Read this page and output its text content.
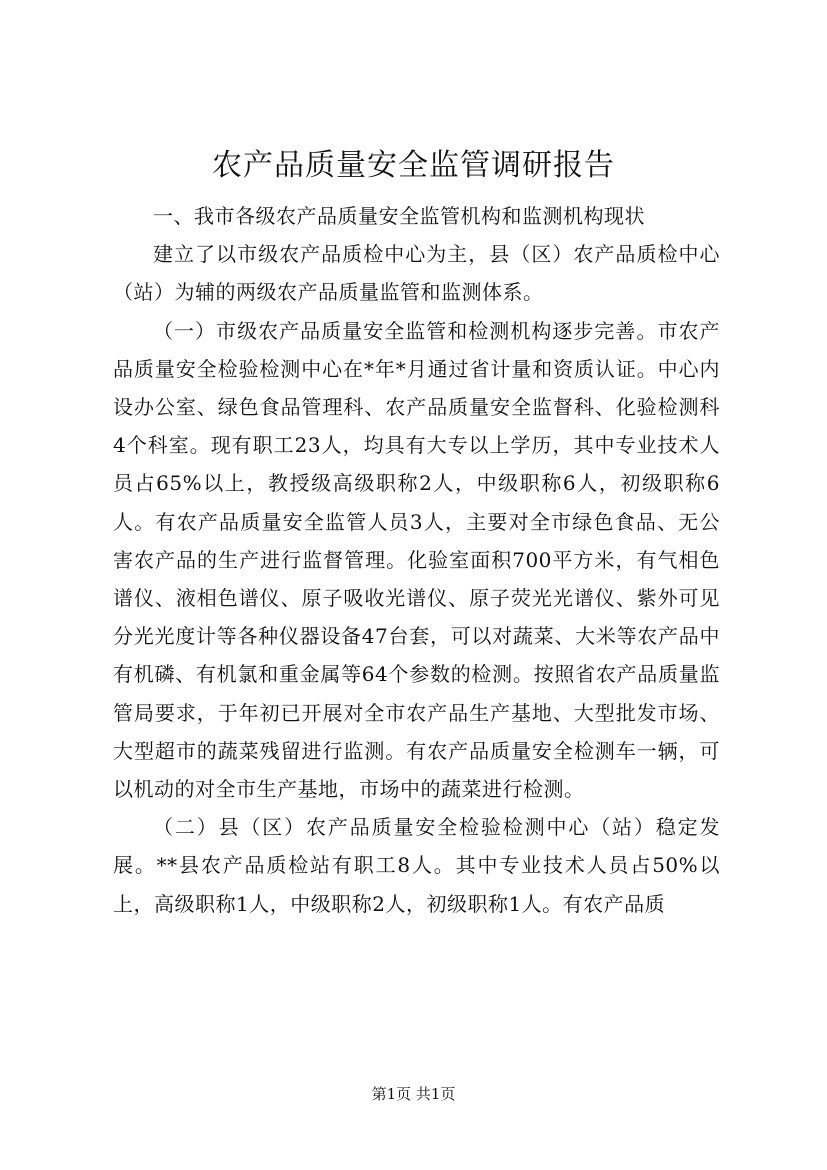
农产品质量安全监管调研报告

一、我市各级农产品质量安全监管机构和监测机构现状

建立了以市级农产品质检中心为主，县（区）农产品质检中心（站）为辅的两级农产品质量监管和监测体系。

（一）市级农产品质量安全监管和检测机构逐步完善。市农产品质量安全检验检测中心在*年*月通过省计量和资质认证。中心内设办公室、绿色食品管理科、农产品质量安全监督科、化验检测科4个科室。现有职工23人，均具有大专以上学历，其中专业技术人员占65%以上，教授级高级职称2人，中级职称6人，初级职称6人。有农产品质量安全监管人员3人，主要对全市绿色食品、无公害农产品的生产进行监督管理。化验室面积700平方米，有气相色谱仪、液相色谱仪、原子吸收光谱仪、原子荧光光谱仪、紫外可见分光光度计等各种仪器设备47台套，可以对蔬菜、大米等农产品中有机磷、有机氯和重金属等64个参数的检测。按照省农产品质量监管局要求，于年初已开展对全市农产品生产基地、大型批发市场、大型超市的蔬菜残留进行监测。有农产品质量安全检测车一辆，可以机动的对全市生产基地，市场中的蔬菜进行检测。

（二）县（区）农产品质量安全检验检测中心（站）稳定发展。**县农产品质检站有职工8人。其中专业技术人员占50%以上，高级职称1人，中级职称2人，初级职称1人。有农产品质

第1页 共1页
